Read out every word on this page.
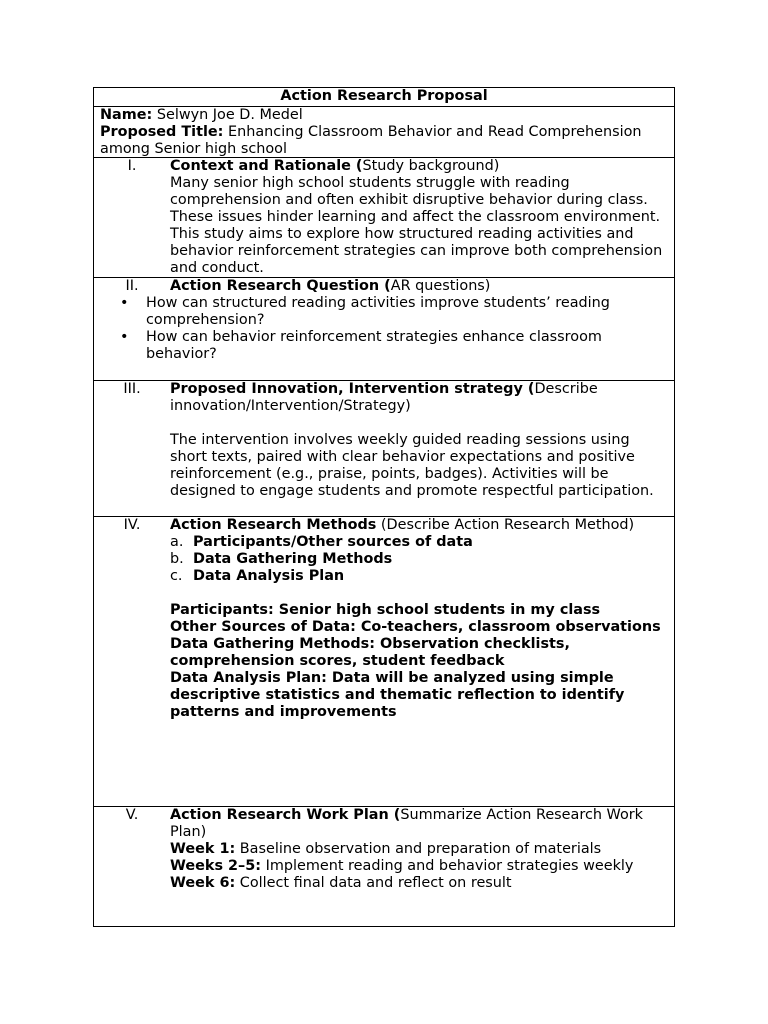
Action Research Proposal
Name: Selwyn Joe D. Medel
Proposed Title: Enhancing Classroom Behavior and Read Comprehension among Senior high school
I.	Context and Rationale (Study background)
Many senior high school students struggle with reading comprehension and often exhibit disruptive behavior during class. These issues hinder learning and affect the classroom environment. This study aims to explore how structured reading activities and behavior reinforcement strategies can improve both comprehension and conduct.
II.	Action Research Question (AR questions)
• How can structured reading activities improve students’ reading comprehension?
• How can behavior reinforcement strategies enhance classroom behavior?
III.	Proposed Innovation, Intervention strategy (Describe innovation/Intervention/Strategy)
The intervention involves weekly guided reading sessions using short texts, paired with clear behavior expectations and positive reinforcement (e.g., praise, points, badges). Activities will be designed to engage students and promote respectful participation.
IV.	Action Research Methods (Describe Action Research Method)
a. Participants/Other sources of data
b. Data Gathering Methods
c. Data Analysis Plan
Participants: Senior high school students in my class
Other Sources of Data: Co-teachers, classroom observations
Data Gathering Methods: Observation checklists, comprehension scores, student feedback
Data Analysis Plan: Data will be analyzed using simple descriptive statistics and thematic reflection to identify patterns and improvements
V.	Action Research Work Plan (Summarize Action Research Work Plan)
Week 1: Baseline observation and preparation of materials
Weeks 2–5: Implement reading and behavior strategies weekly
Week 6: Collect final data and reflect on result
